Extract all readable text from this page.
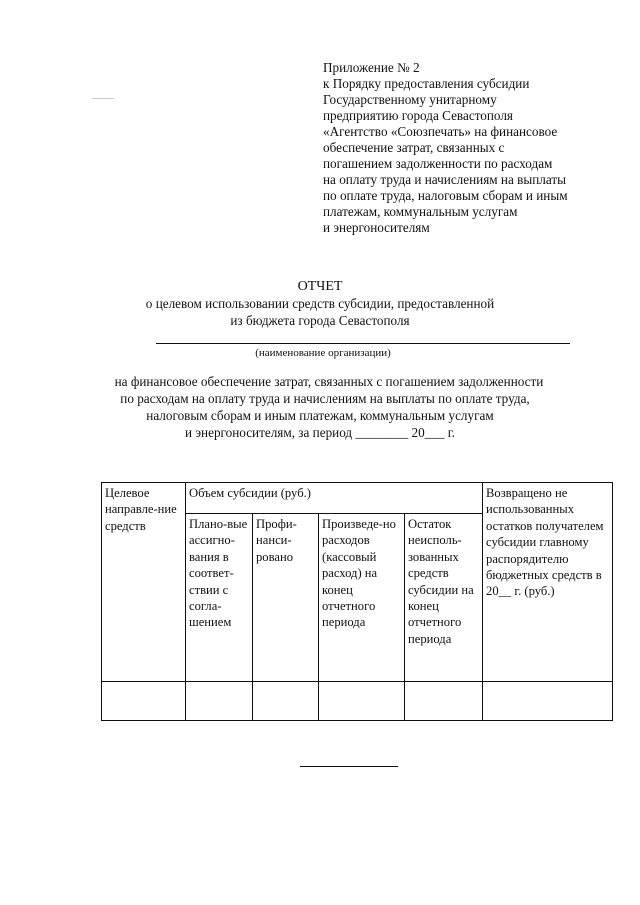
Приложение № 2
к Порядку предоставления субсидии
Государственному унитарному
предприятию города Севастополя
«Агентство «Союзпечать» на финансовое
обеспечение затрат, связанных с
погашением задолженности по расходам
на оплату труда и начислениям на выплаты
по оплате труда, налоговым сборам и иным
платежам, коммунальным услугам
и энергоносителям
ОТЧЕТ
о целевом использовании средств субсидии, предоставленной
из бюджета города Севастополя
(наименование организации)
на финансовое обеспечение затрат, связанных с погашением задолженности
по расходам на оплату труда и начислениям на выплаты по оплате труда,
налоговым сборам и иным платежам, коммунальным услугам
и энергоносителям, за период ________ 20___ г.
Целевое направле-ние средств	Объем субсидии (руб.)				Возвращено не использованных остатков получателем субсидии главному распорядителю бюджетных средств в 20__ г. (руб.)
	Плано-вые ассигно-вания в соответ-ствии с согла-шением	Профи-нанси-ровано	Произведе-но расходов (кассовый расход) на конец отчетного периода	Остаток неисполь-зованных средств субсидии на конец отчетного периода	
